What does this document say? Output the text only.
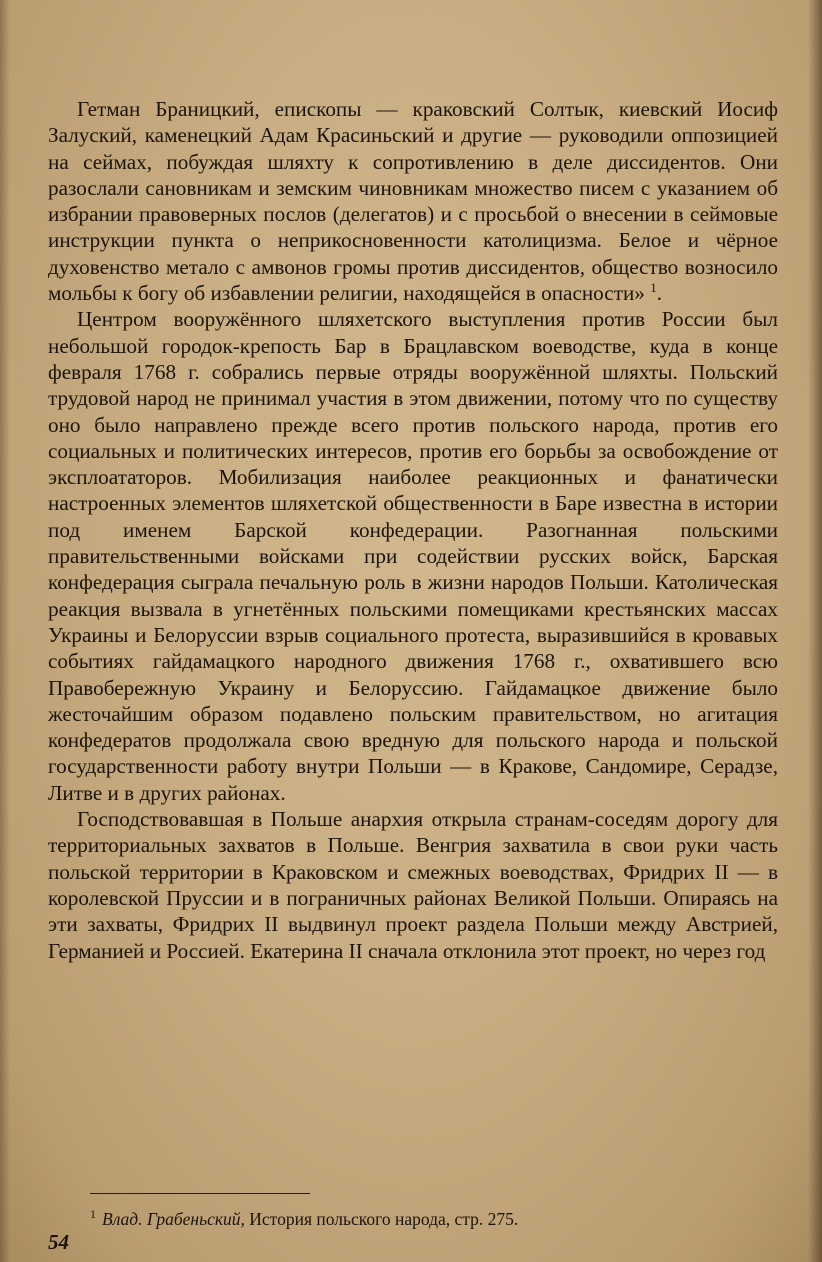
Гетман Браницкий, епископы — краковский Солтык, киевский Иосиф Залуский, каменецкий Адам Красиньский и другие — руководили оппозицией на сеймах, побуждая шляхту к сопротивлению в деле диссидентов. Они разослали сановникам и земским чиновникам множество писем с указанием об избрании правоверных послов (делегатов) и с просьбой о внесении в сеймовые инструкции пункта о неприкосновенности католицизма. Белое и чёрное духовенство метало с амвонов громы против диссидентов, общество возносило мольбы к богу об избавлении религии, находящейся в опасности» $^1$.

Центром вооружённого шляхетского выступления против России был небольшой городок-крепость Бар в Брацлавском воеводстве, куда в конце февраля 1768 г. собрались первые отряды вооружённой шляхты. Польский трудовой народ не принимал участия в этом движении, потому что по существу оно было направлено прежде всего против польского народа, против его социальных и политических интересов, против его борьбы за освобождение от эксплоататоров. Мобилизация наиболее реакционных и фанатически настроенных элементов шляхетской общественности в Баре известна в истории под именем Барской конфедерации. Разогнанная польскими правительственными войсками при содействии русских войск, Барская конфедерация сыграла печальную роль в жизни народов Польши. Католическая реакция вызвала в угнетённых польскими помещиками крестьянских массах Украины и Белоруссии взрыв социального протеста, выразившийся в кровавых событиях гайдамацкого народного движения 1768 г., охватившего всю Правобережную Украину и Белоруссию. Гайдамацкое движение было жесточайшим образом подавлено польским правительством, но агитация конфедератов продолжала свою вредную для польского народа и польской государственности работу внутри Польши — в Кракове, Сандомире, Серадзе, Литве и в других районах.

Господствовавшая в Польше анархия открыла странам-соседям дорогу для территориальных захватов в Польше. Венгрия захватила в свои руки часть польской территории в Краковском и смежных воеводствах, Фридрих II — в королевской Пруссии и в пограничных районах Великой Польши. Опираясь на эти захваты, Фридрих II выдвинул проект раздела Польши между Австрией, Германией и Россией. Екатерина II сначала отклонила этот проект, но через год

$^1$ Влад. Грабеньский, История польского народа, стр. 275.
54
